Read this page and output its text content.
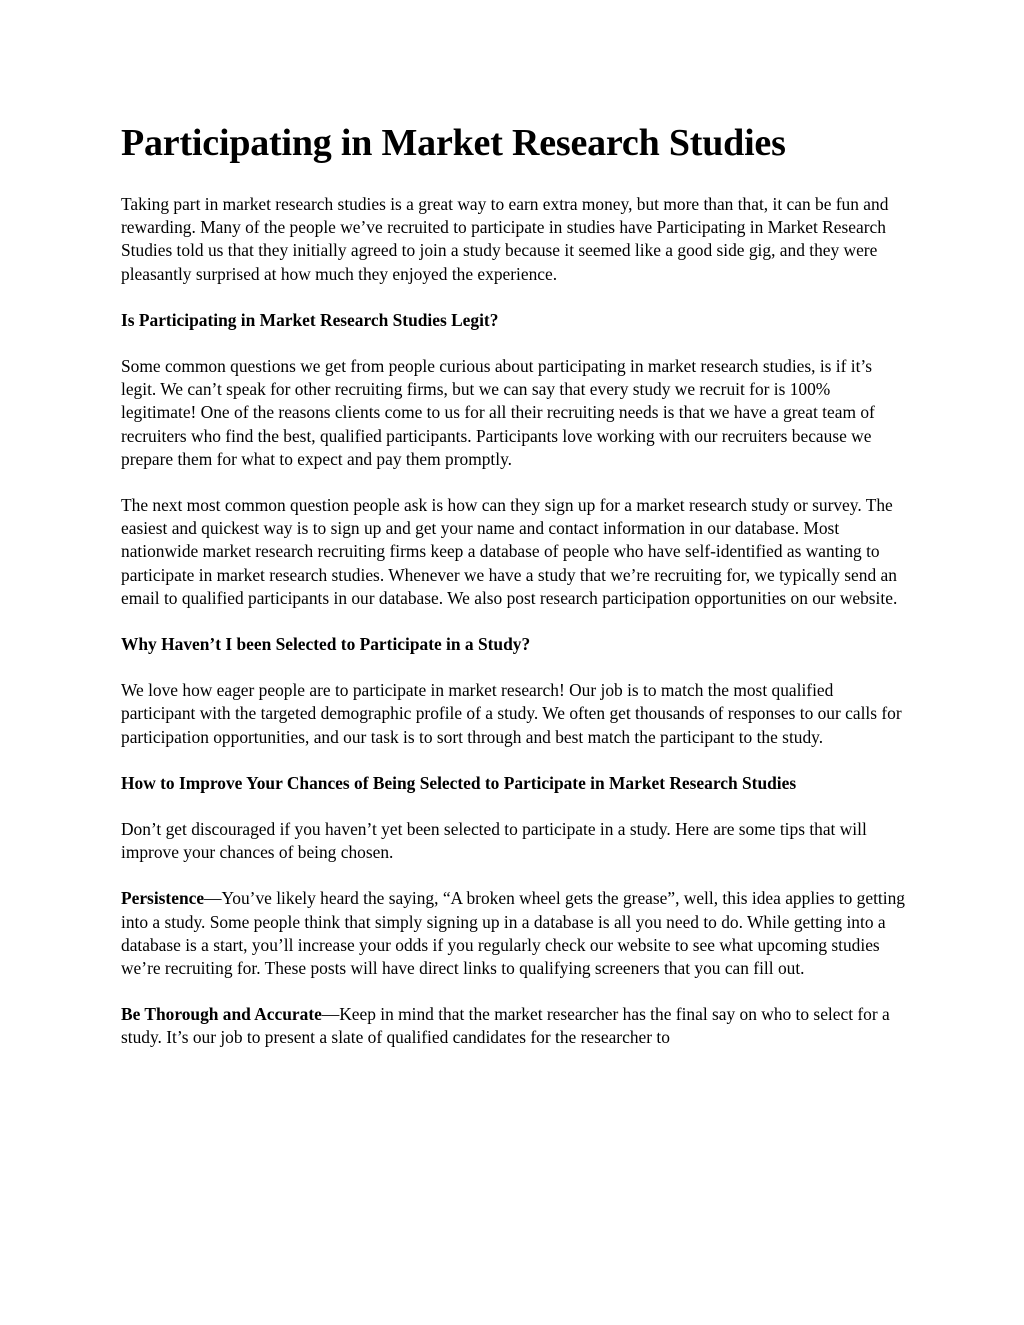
Participating in Market Research Studies

Taking part in market research studies is a great way to earn extra money, but more than that, it can be fun and rewarding. Many of the people we’ve recruited to participate in studies have Participating in Market Research Studies told us that they initially agreed to join a study because it seemed like a good side gig, and they were pleasantly surprised at how much they enjoyed the experience.

Is Participating in Market Research Studies Legit?

Some common questions we get from people curious about participating in market research studies, is if it’s legit. We can’t speak for other recruiting firms, but we can say that every study we recruit for is 100% legitimate! One of the reasons clients come to us for all their recruiting needs is that we have a great team of recruiters who find the best, qualified participants. Participants love working with our recruiters because we prepare them for what to expect and pay them promptly.

The next most common question people ask is how can they sign up for a market research study or survey. The easiest and quickest way is to sign up and get your name and contact information in our database. Most nationwide market research recruiting firms keep a database of people who have self-identified as wanting to participate in market research studies. Whenever we have a study that we’re recruiting for, we typically send an email to qualified participants in our database. We also post research participation opportunities on our website.

Why Haven’t I been Selected to Participate in a Study?

We love how eager people are to participate in market research! Our job is to match the most qualified participant with the targeted demographic profile of a study. We often get thousands of responses to our calls for participation opportunities, and our task is to sort through and best match the participant to the study.

How to Improve Your Chances of Being Selected to Participate in Market Research Studies

Don’t get discouraged if you haven’t yet been selected to participate in a study. Here are some tips that will improve your chances of being chosen.

Persistence—You’ve likely heard the saying, “A broken wheel gets the grease”, well, this idea applies to getting into a study. Some people think that simply signing up in a database is all you need to do. While getting into a database is a start, you’ll increase your odds if you regularly check our website to see what upcoming studies we’re recruiting for. These posts will have direct links to qualifying screeners that you can fill out.

Be Thorough and Accurate—Keep in mind that the market researcher has the final say on who to select for a study. It’s our job to present a slate of qualified candidates for the researcher to
